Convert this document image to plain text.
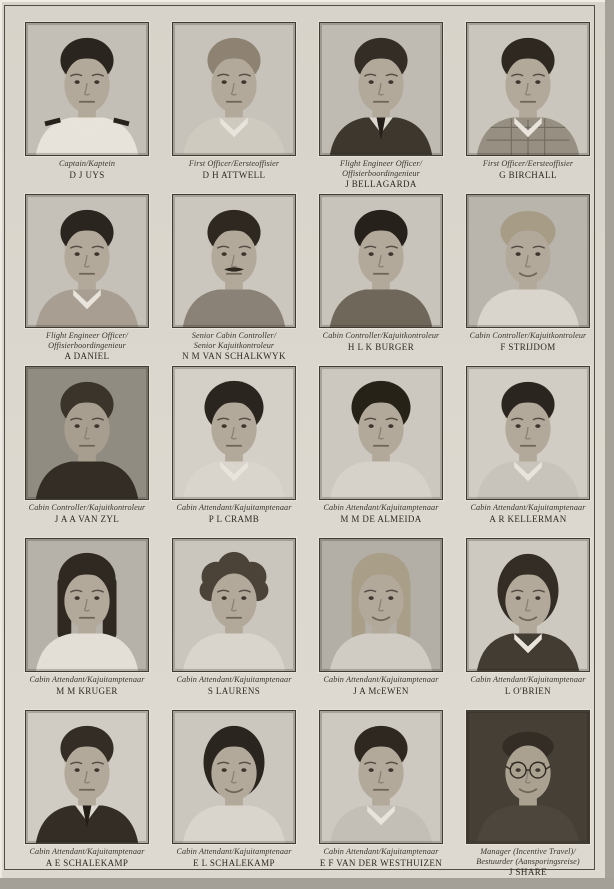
Captain/Kaptein
D J UYS
First Officer/Eersteoffisier
D H ATTWELL
Flight Engineer Officer/
Offisierboordingenieur
J BELLAGARDA
First Officer/Eersteoffisier
G BIRCHALL
Flight Engineer Officer/
Offisierboordingenieur
A DANIEL
Senior Cabin Controller/
Senior Kajuitkontroleur
N M VAN SCHALKWYK
Cabin Controller/Kajuitkontroleur
H L K BURGER
Cabin Controller/Kajuitkontroleur
F STRIJDOM
Cabin Controller/Kajuitkontroleur
J A A VAN ZYL
Cabin Attendant/Kajuitamptenaar
P L CRAMB
Cabin Attendant/Kajuitamptenaar
M M DE ALMEIDA
Cabin Attendant/Kajuitamptenaar
A R KELLERMAN
Cabin Attendant/Kajuitamptenaar
M M KRUGER
Cabin Attendant/Kajuitamptenaar
S LAURENS
Cabin Attendant/Kajuitamptenaar
J A McEWEN
Cabin Attendant/Kajuitamptenaar
L O'BRIEN
Cabin Attendant/Kajuitamptenaar
A E SCHALEKAMP
Cabin Attendant/Kajuitamptenaar
E L SCHALEKAMP
Cabin Attendant/Kajuitamptenaar
E F VAN DER WESTHUIZEN
Manager (Incentive Travel)/
Bestuurder (Aansporingsreise)
J SHARE
